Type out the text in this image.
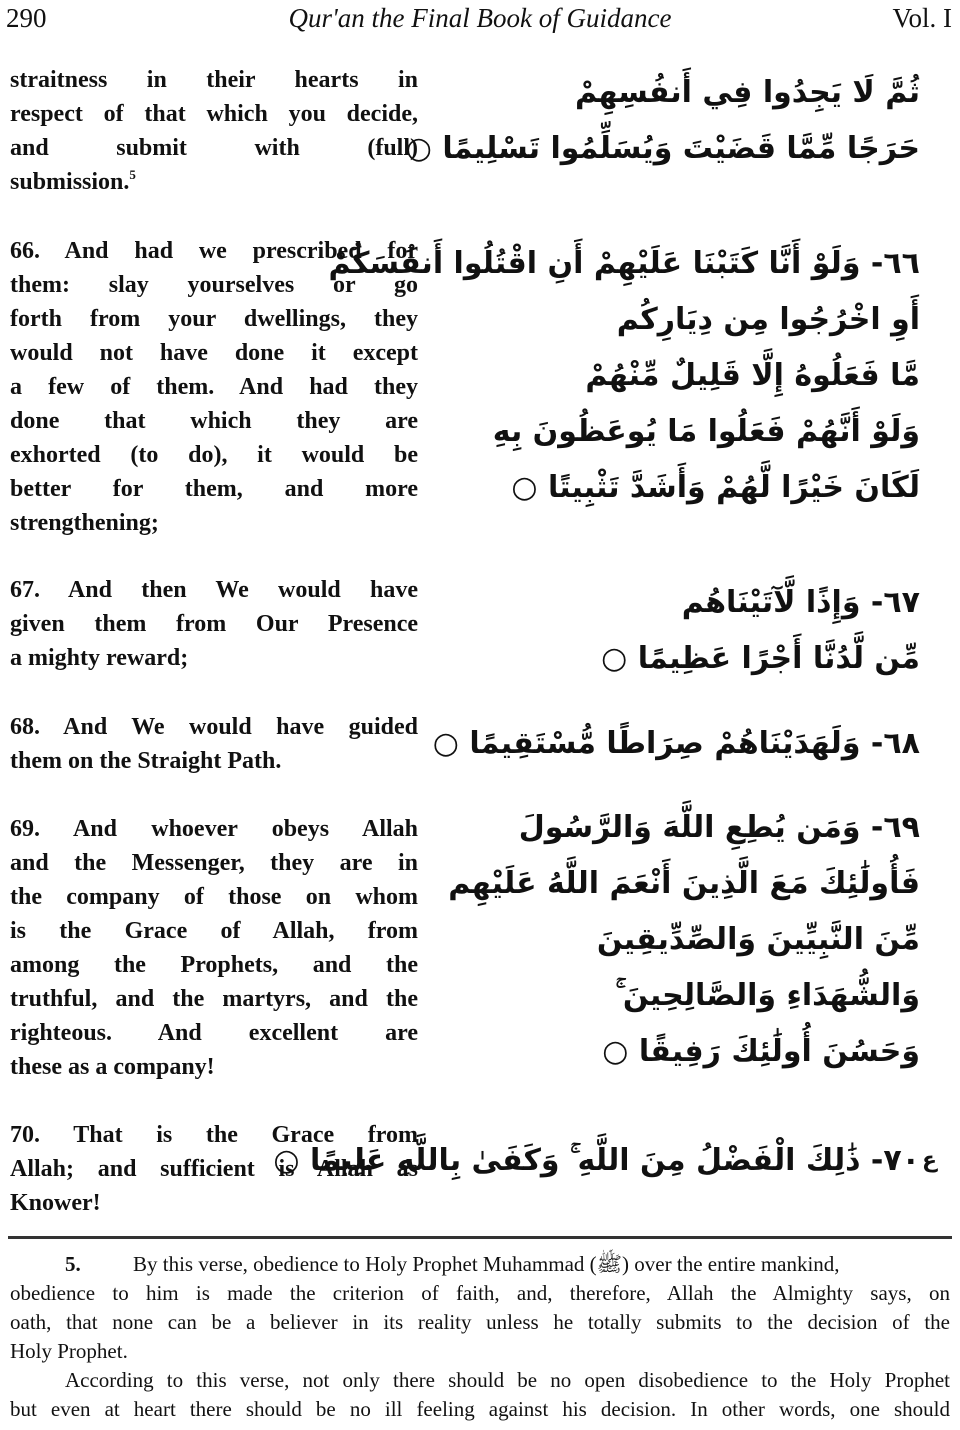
290	Qur'an the Final Book of Guidance	Vol. I
straitness in their hearts in
respect of that which you decide,
and submit with (full)
submission.$^5$
ثُمَّ لَا يَجِدُوا فِي أَنفُسِهِمْ
حَرَجًا مِّمَّا قَضَيْتَ وَيُسَلِّمُوا تَسْلِيمًا ○
66. And had we prescribed for
them: slay yourselves or go
forth from your dwellings, they
would not have done it except
a few of them. And had they
done that which they are
exhorted (to do), it would be
better for them, and more
strengthening;
٦٦- وَلَوْ أَنَّا كَتَبْنَا عَلَيْهِمْ أَنِ اقْتُلُوا أَنفُسَكُمْ
أَوِ اخْرُجُوا مِن دِيَارِكُم
مَّا فَعَلُوهُ إِلَّا قَلِيلٌ مِّنْهُمْ
وَلَوْ أَنَّهُمْ فَعَلُوا مَا يُوعَظُونَ بِهِ
لَكَانَ خَيْرًا لَّهُمْ وَأَشَدَّ تَثْبِيتًا ○
67. And then We would have
given them from Our Presence
a mighty reward;
٦٧- وَإِذًا لَّآتَيْنَاهُم
مِّن لَّدُنَّا أَجْرًا عَظِيمًا ○
68. And We would have guided
them on the Straight Path.	٦٨- وَلَهَدَيْنَاهُمْ صِرَاطًا مُّسْتَقِيمًا ○
69. And whoever obeys Allah
and the Messenger, they are in
the company of those on whom
is the Grace of Allah, from
among the Prophets, and the
truthful, and the martyrs, and the
righteous. And excellent are
these as a company!
٦٩- وَمَن يُطِعِ اللَّهَ وَالرَّسُولَ
فَأُولَٰئِكَ مَعَ الَّذِينَ أَنْعَمَ اللَّهُ عَلَيْهِم
مِّنَ النَّبِيِّينَ وَالصِّدِّيقِينَ
وَالشُّهَدَاءِ وَالصَّالِحِينَ ۚ
وَحَسُنَ أُولَٰئِكَ رَفِيقًا ○
70. That is the Grace from
Allah; and sufficient is Allah as
Knower!
٧٠- ذَٰلِكَ الْفَضْلُ مِنَ اللَّهِ ۚ وَكَفَىٰ بِاللَّهِ عَلِيمًا ○ ع
5. By this verse, obedience to Holy Prophet Muhammad (ﷺ) over the entire mankind,
obedience to him is made the criterion of faith, and, therefore, Allah the Almighty says, on
oath, that none can be a believer in its reality unless he totally submits to the decision of the
Holy Prophet.
According to this verse, not only there should be no open disobedience to the Holy Prophet
but even at heart there should be no ill feeling against his decision. In other words, one should
